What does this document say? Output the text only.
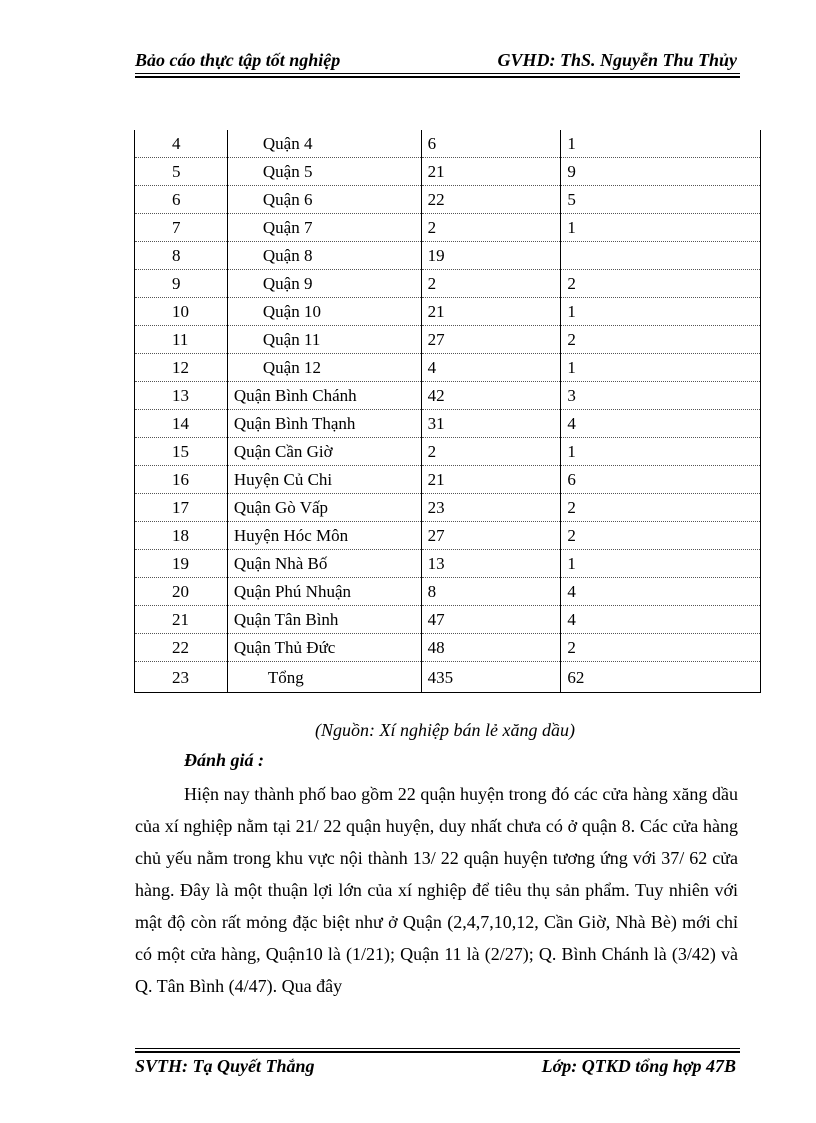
Bảo cáo thực tập tốt nghiệp	GVHD: ThS. Nguyễn Thu Thủy
4	Quận 4	6	1
5	Quận 5	21	9
6	Quận 6	22	5
7	Quận 7	2	1
8	Quận 8	19	
9	Quận 9	2	2
10	Quận 10	21	1
11	Quận 11	27	2
12	Quận 12	4	1
13	Quận Bình Chánh	42	3
14	Quận Bình Thạnh	31	4
15	Quận Cần Giờ	2	1
16	Huyện Củ Chi	21	6
17	Quận Gò Vấp	23	2
18	Huyện Hóc Môn	27	2
19	Quận Nhà Bố	13	1
20	Quận Phú Nhuận	8	4
21	Quận Tân Bình	47	4
22	Quận Thủ Đức	48	2
23	Tổng	435	62
(Nguồn: Xí nghiệp bán lẻ xăng dầu)
Đánh giá :

Hiện nay thành phố bao gồm 22 quận huyện trong đó các cửa hàng xăng dầu của xí nghiệp nằm tại 21/ 22 quận huyện, duy nhất chưa có ở quận 8. Các cửa hàng chủ yếu nằm trong khu vực nội thành 13/ 22 quận huyện tương ứng với 37/ 62 cửa hàng. Đây là một thuận lợi lớn của xí nghiệp để tiêu thụ sản phẩm. Tuy nhiên với mật độ còn rất mỏng đặc biệt như ở Quận (2,4,7,10,12, Cần Giờ, Nhà Bè) mới chỉ có một cửa hàng, Quận10 là (1/21); Quận 11 là (2/27); Q. Bình Chánh là (3/42) và Q. Tân Bình (4/47). Qua đây

SVTH: Tạ Quyết Thắng	Lớp: QTKD tổng hợp 47B
